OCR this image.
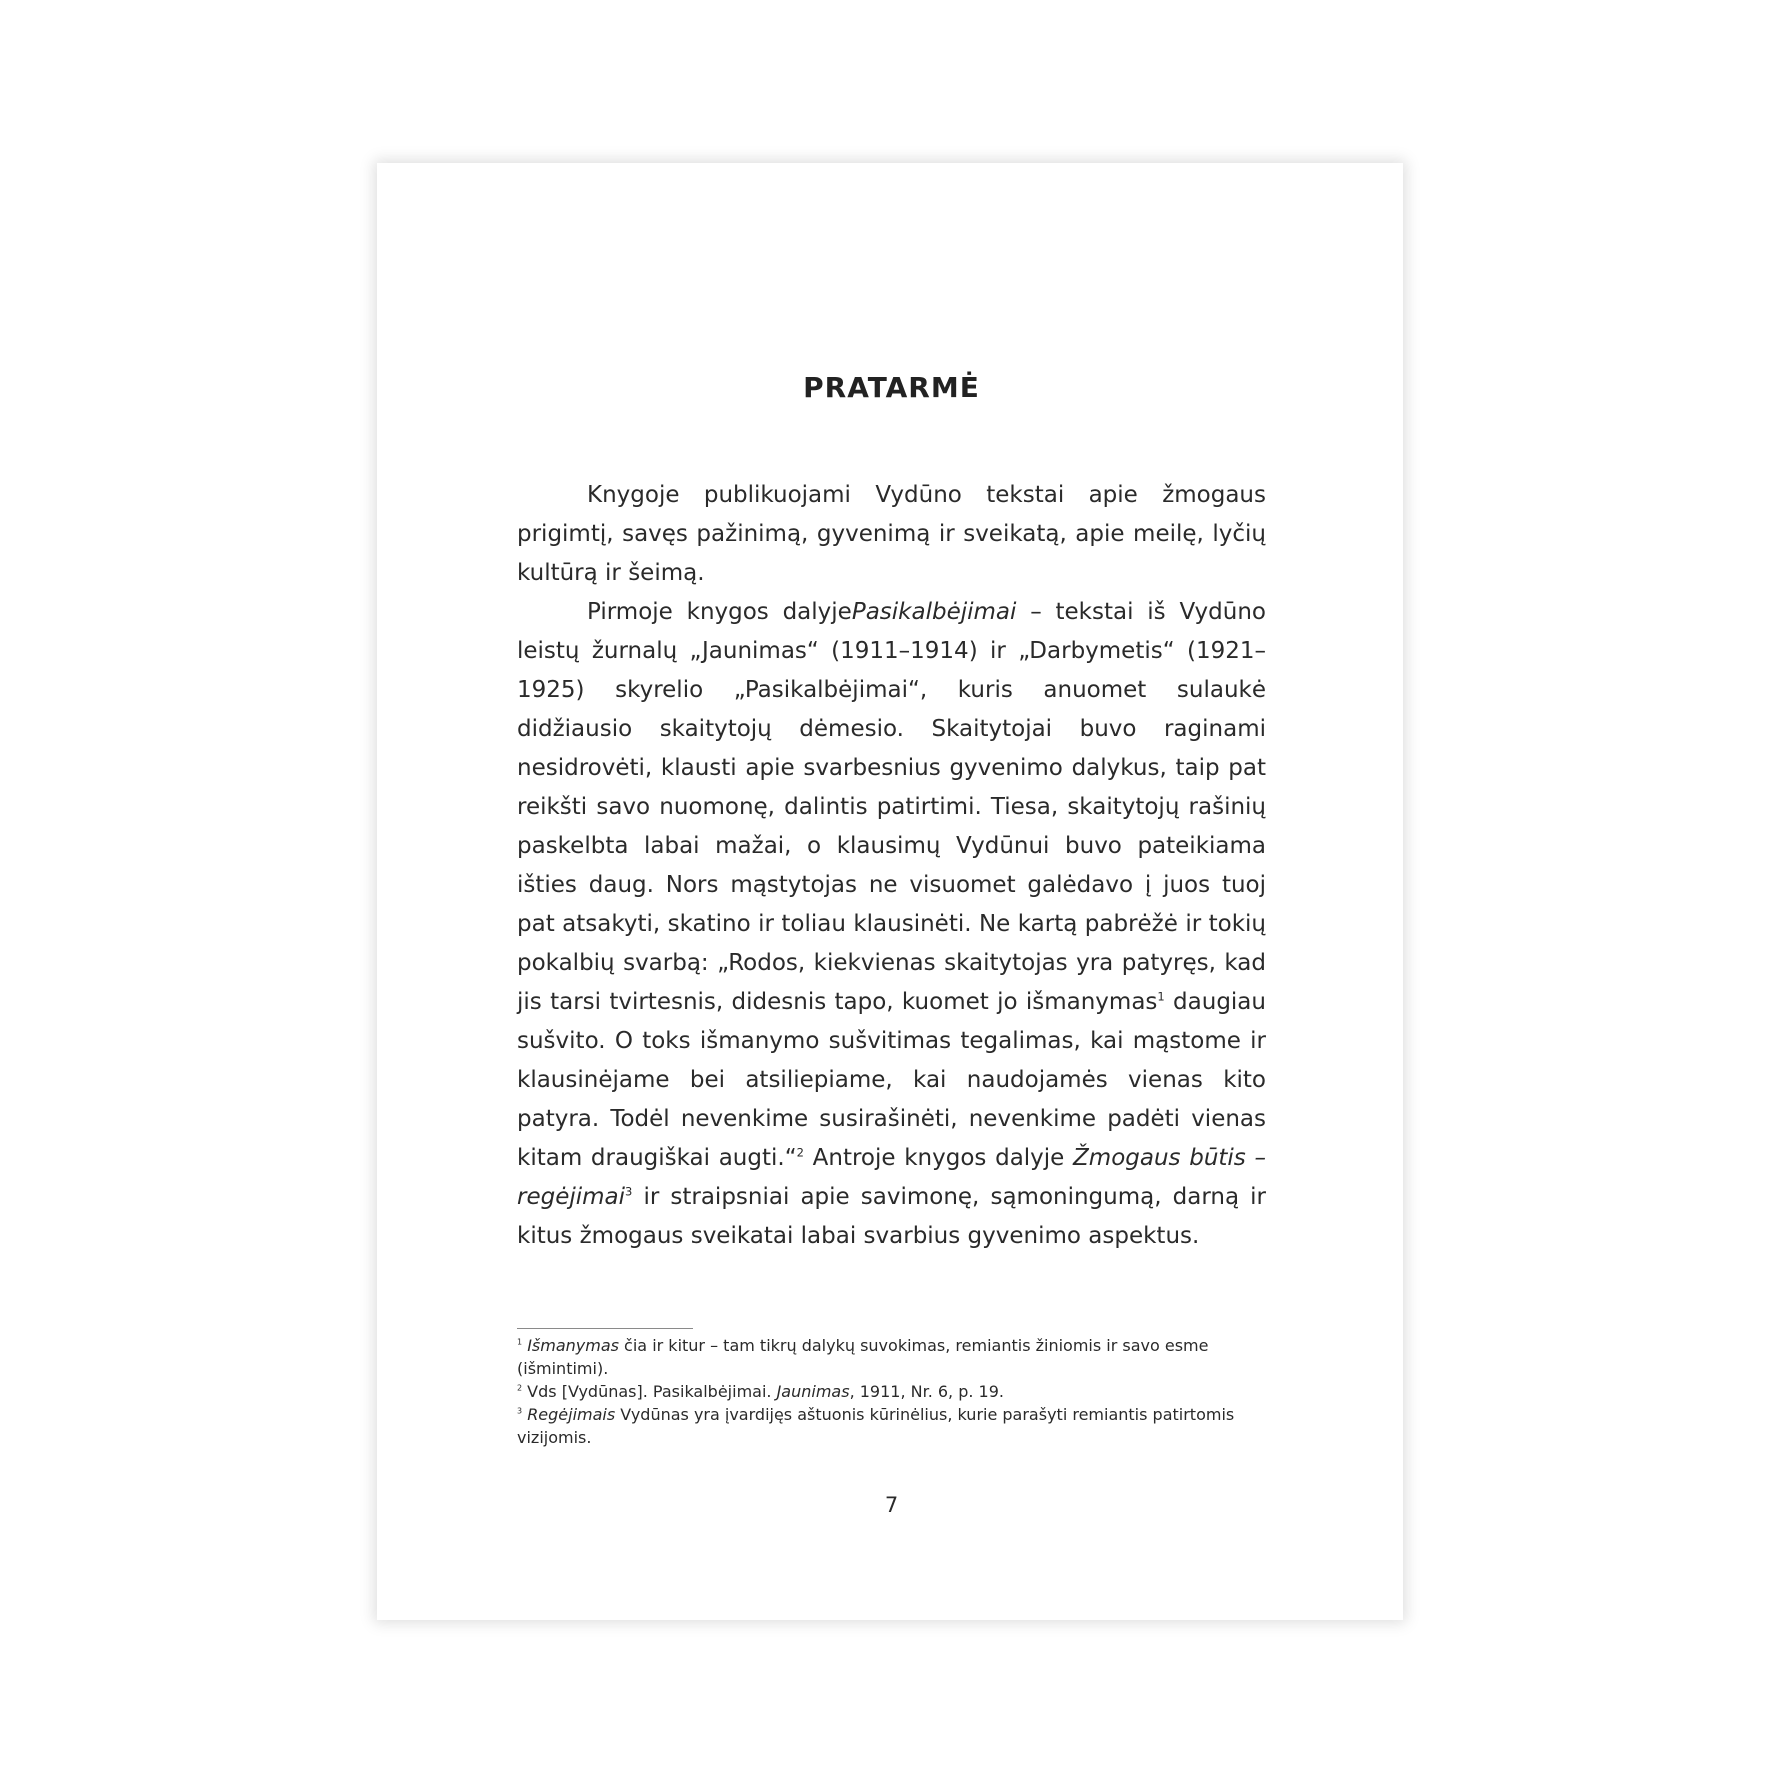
PRATARMĖ

Knygoje publikuojami Vydūno tekstai apie žmogaus prigimtį, savęs pažinimą, gyvenimą ir sveikatą, apie meilę, lyčių kultūrą ir šeimą.

Pirmoje knygos dalyjePasikalbėjimai – tekstai iš Vydūno leistų žurnalų „Jaunimas“ (1911–1914) ir „Darbymetis“ (1921–1925) skyrelio „Pasikalbėjimai“, kuris anuomet sulaukė didžiausio skaitytojų dėmesio. Skaitytojai buvo raginami nesidrovėti, klausti apie svarbesnius gyvenimo dalykus, taip pat reikšti savo nuomonę, dalintis patirtimi. Tiesa, skaitytojų rašinių paskelbta labai mažai, o klausimų Vydūnui buvo pateikiama išties daug. Nors mąstytojas ne visuomet galėdavo į juos tuoj pat atsakyti, skatino ir toliau klausinėti. Ne kartą pabrėžė ir tokių pokalbių svarbą: „Rodos, kiekvienas skaitytojas yra patyręs, kad jis tarsi tvirtesnis, didesnis tapo, kuomet jo išmanymas$^1$ daugiau sušvito. O toks išmanymo sušvitimas tegalimas, kai mąstome ir klausinėjame bei atsiliepiame, kai naudojamės vienas kito patyra. Todėl nevenkime susirašinėti, nevenkime padėti vienas kitam draugiškai augti.“$^2$ Antroje knygos dalyje Žmogaus būtis – regėjimai$^3$ ir straipsniai apie savimonę, sąmoningumą, darną ir kitus žmogaus sveikatai labai svarbius gyvenimo aspektus.

$^1$ Išmanymas čia ir kitur – tam tikrų dalykų suvokimas, remiantis žiniomis ir savo esme (išmintimi).

$^2$ Vds [Vydūnas]. Pasikalbėjimai. Jaunimas, 1911, Nr. 6, p. 19.

$^3$ Regėjimais Vydūnas yra įvardijęs aštuonis kūrinėlius, kurie parašyti remiantis patirtomis vizijomis.

7
